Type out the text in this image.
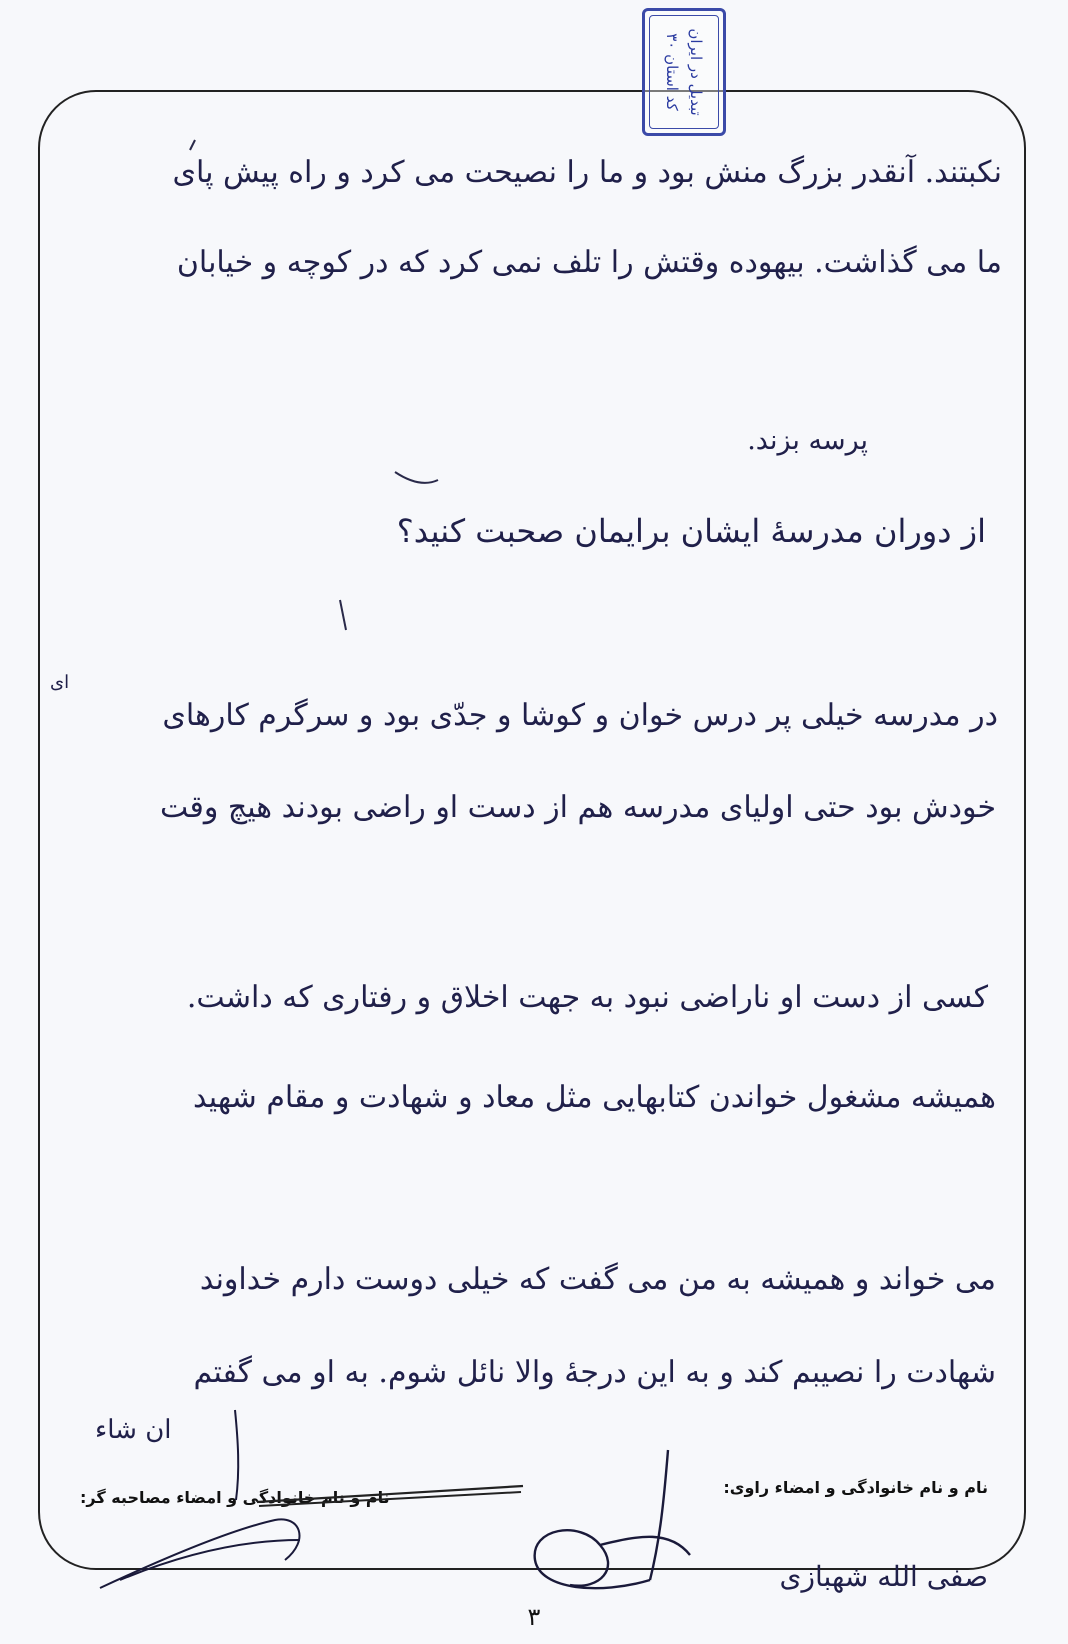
تبدیل در ایران
کد استان ۳۰
نکبتند. آنقدر بزرگ منش بود و ما را نصیحت می کرد و راه پیش پای
ما می گذاشت. بیهوده وقتش را تلف نمی کرد که در کوچه و خیابان
پرسه بزند.
از دوران مدرسهٔ ایشان برایمان صحبت کنید؟
در مدرسه خیلی پر درس خوان و کوشا و جدّی بود و سرگرم کارهای
خودش بود حتی اولیای مدرسه هم از دست او راضی بودند هیچ وقت
کسی از دست او ناراضی نبود به جهت اخلاق و رفتاری که داشت.
همیشه مشغول خواندن کتابهایی مثل معاد و شهادت و مقام شهید
می خواند و همیشه به من می گفت که خیلی دوست دارم خداوند
شهادت را نصیبم کند و به این درجهٔ والا نائل شوم. به او می گفتم
ای
ان شاء
نام و نام خانوادگی و امضاء راوی:
نام و نام خانوادگی و امضاء مصاحبه گر:
صفی الله شهبازی
۳
